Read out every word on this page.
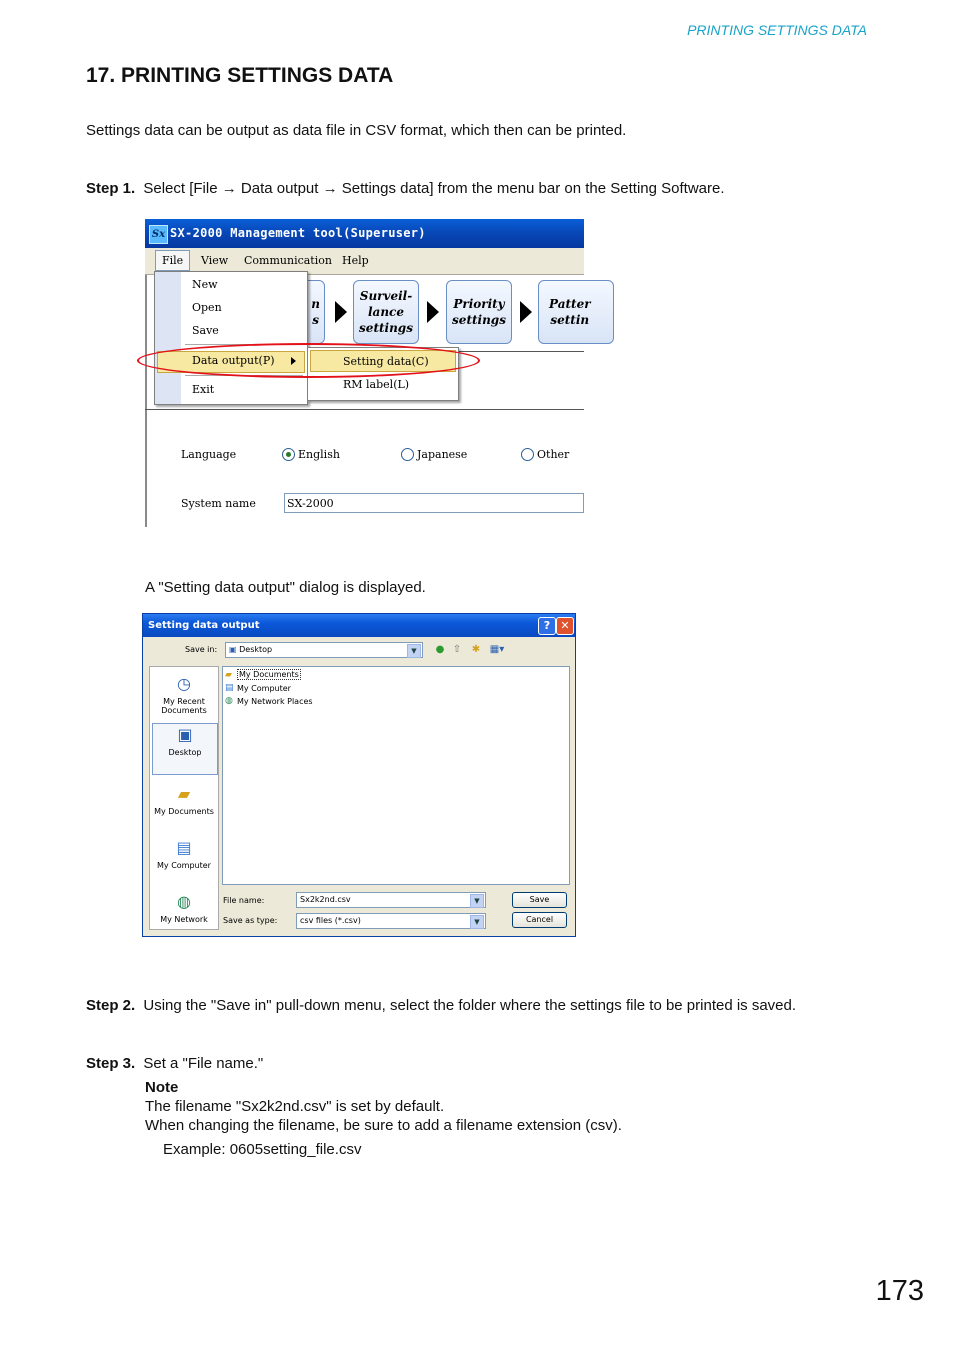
PRINTING SETTINGS DATA
17. PRINTING SETTINGS DATA
Settings data can be output as data file in CSV format, which then can be printed.
Step 1. Select [File → Data output → Settings data] from the menu bar on the Setting Software.
Sx SX-2000 Management tool(Superuser)
File	View Communication Help
n
s
Surveil-
lance
settings
Priority
settings
Patter
settin
New
Open
Save
Data output(P)
Exit
Setting data(C)
RM label(L)
Language	English	Japanese	Other
System name	SX-2000
A "Setting data output" dialog is displayed.
Setting data output	? ✕
Save in:	▣ Desktop	▼	● ⇧ ✱ ▦▾
◷
My Recent Documents
▣
Desktop
▰
My Documents
▤
My Computer
◍
My Network
▰ My Documents
▤ My Computer
◍ My Network Places
File name:	Sx2k2nd.csv	▼
Save as type:	csv files (*.csv)	▼
Save
Cancel
Step 2. Using the "Save in" pull-down menu, select the folder where the settings file to be printed is saved.
Step 3. Set a "File name."
Note
The filename "Sx2k2nd.csv" is set by default.
When changing the filename, be sure to add a filename extension (csv).
Example: 0605setting_file.csv
173
